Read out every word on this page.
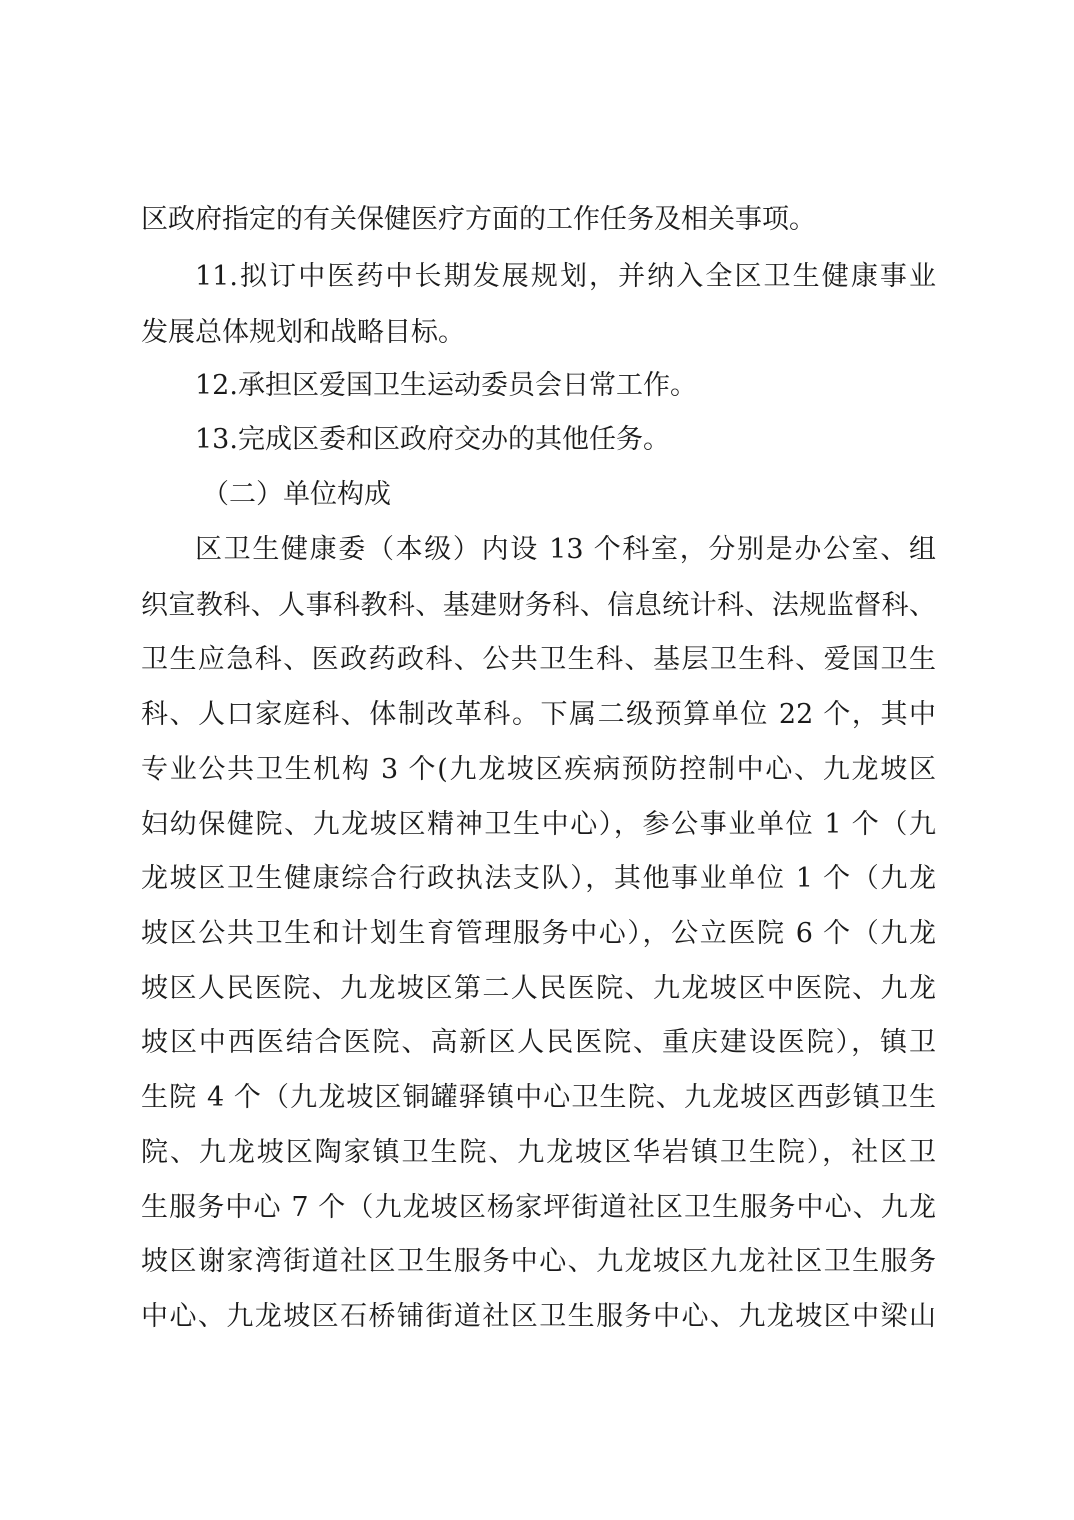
区政府指定的有关保健医疗方面的工作任务及相关事项。
11.拟订中医药中长期发展规划，并纳入全区卫生健康事业
发展总体规划和战略目标。
12.承担区爱国卫生运动委员会日常工作。
13.完成区委和区政府交办的其他任务。
（二）单位构成
区卫生健康委（本级）内设 13 个科室，分别是办公室、组
织宣教科、人事科教科、基建财务科、信息统计科、法规监督科、
卫生应急科、医政药政科、公共卫生科、基层卫生科、爱国卫生
科、人口家庭科、体制改革科。下属二级预算单位 22 个，其中
专业公共卫生机构 3 个(九龙坡区疾病预防控制中心、九龙坡区
妇幼保健院、九龙坡区精神卫生中心），参公事业单位 1 个（九
龙坡区卫生健康综合行政执法支队），其他事业单位 1 个（九龙
坡区公共卫生和计划生育管理服务中心），公立医院 6 个（九龙
坡区人民医院、九龙坡区第二人民医院、九龙坡区中医院、九龙
坡区中西医结合医院、高新区人民医院、重庆建设医院），镇卫
生院 4 个（九龙坡区铜罐驿镇中心卫生院、九龙坡区西彭镇卫生
院、九龙坡区陶家镇卫生院、九龙坡区华岩镇卫生院），社区卫
生服务中心 7 个（九龙坡区杨家坪街道社区卫生服务中心、九龙
坡区谢家湾街道社区卫生服务中心、九龙坡区九龙社区卫生服务
中心、九龙坡区石桥铺街道社区卫生服务中心、九龙坡区中梁山
